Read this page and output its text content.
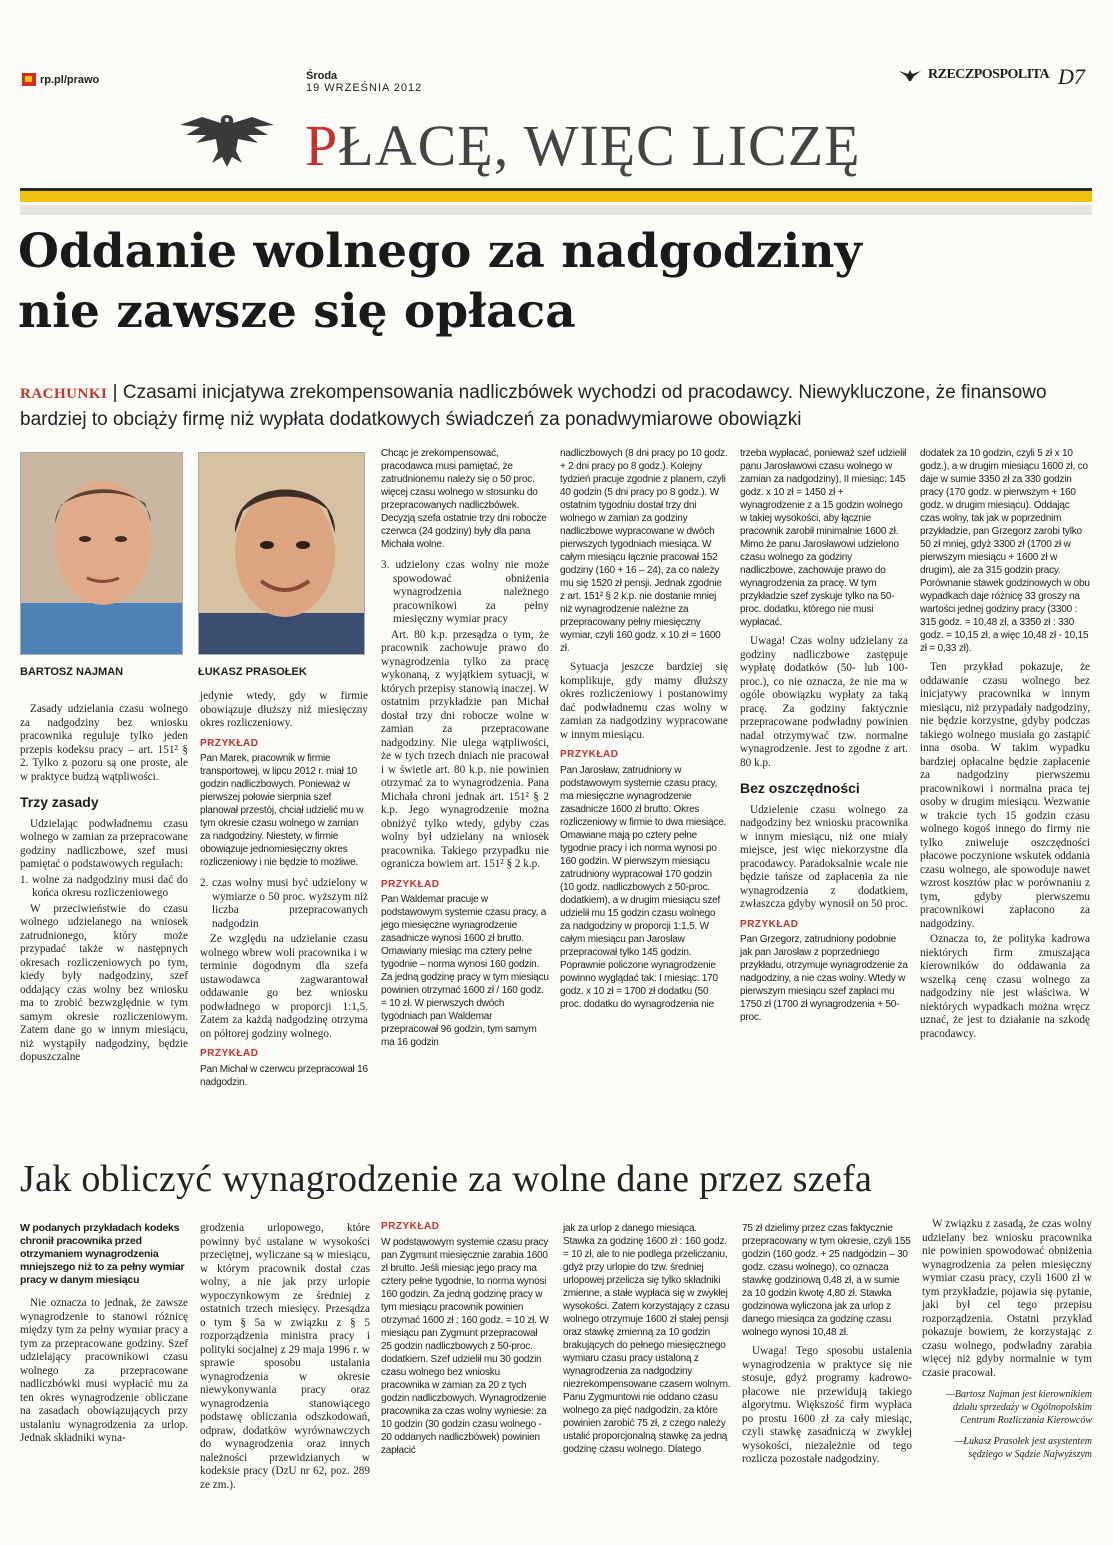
rp.pl/prawo	Środa
19 WRZEŚNIA 2012
RZECZPOSPOLITA D7
PŁACĘ, WIĘC LICZĘ
Oddanie wolnego za nadgodziny
nie zawsze się opłaca
RACHUNKI | Czasami inicjatywa zrekompensowania nadliczbówek wychodzi od pracodawcy. Niewykluczone, że finansowo bardziej to obciąży firmę niż wypłata dodatkowych świadczeń za ponadwymiarowe obowiązki
BARTOSZ NAJMAN	ŁUKASZ PRASOŁEK

Zasady udzielania czasu wolnego za nadgodziny bez wniosku pracownika reguluje tylko jeden przepis kodeksu pracy – art. 151² § 2. Tylko z pozoru są one proste, ale w praktyce budzą wątpliwości.

Trzy zasady

Udzielając podwładnemu czasu wolnego w zamian za przepracowane godziny nadliczbowe, szef musi pamiętać o podstawowych regułach:

1. wolne za nadgodziny musi dać do końca okresu rozliczeniowego

W przeciwieństwie do czasu wolnego udzielanego na wniosek zatrudnionego, który może przypadać także w następnych okresach rozliczeniowych po tym, kiedy były nadgodziny, szef oddający czas wolny bez wniosku ma to zrobić bezwzględnie w tym samym okresie rozliczeniowym. Zatem dane go w innym miesiącu, niż wystąpiły nadgodziny, będzie dopuszczalne

jedynie wtedy, gdy w firmie obowiązuje dłuższy niż miesięczny okres rozliczeniowy.

PRZYKŁAD

Pan Marek, pracownik w firmie transportowej, w lipcu 2012 r. miał 10 godzin nadliczbowych. Ponieważ w pierwszej połowie sierpnia szef planował przestój, chciał udzielić mu w tym okresie czasu wolnego w zamian za nadgodziny. Niestety, w firmie obowiązuje jednomiesięczny okres rozliczeniowy i nie będzie to możliwe.

2. czas wolny musi być udzielony w wymiarze o 50 proc. wyższym niż liczba przepracowanych nadgodzin

Ze względu na udzielanie czasu wolnego wbrew woli pracownika i w terminie dogodnym dla szefa ustawodawca zagwarantował oddawanie go bez wniosku podwładnego w proporcji 1:1,5. Zatem za każdą nadgodzinę otrzyma on półtorej godziny wolnego.

PRZYKŁAD

Pan Michał w czerwcu przepracował 16 nadgodzin.

Chcąc je zrekompensować, pracodawca musi pamiętać, że zatrudnionemu należy się o 50 proc. więcej czasu wolnego w stosunku do przepracowanych nadliczbówek. Decyzją szefa ostatnie trzy dni robocze czerwca (24 godziny) były dla pana Michała wolne.

3. udzielony czas wolny nie może spowodować obniżenia wynagrodzenia należnego pracownikowi za pełny miesięczny wymiar pracy

Art. 80 k.p. przesądza o tym, że pracownik zachowuje prawo do wynagrodzenia tylko za pracę wykonaną, z wyjątkiem sytuacji, w których przepisy stanowią inaczej. W ostatnim przykładzie pan Michał dostał trzy dni robocze wolne w zamian za przepracowane nadgodziny. Nie ulega wątpliwości, że w tych trzech dniach nie pracował i w świetle art. 80 k.p. nie powinien otrzymać za to wynagrodzenia. Pana Michała chroni jednak art. 151² § 2 k.p. Jego wynagrodzenie można obniżyć tylko wtedy, gdyby czas wolny był udzielany na wniosek pracownika. Takiego przypadku nie ogranicza bowiem art. 151² § 2 k.p.

PRZYKŁAD

Pan Waldemar pracuje w podstawowym systemie czasu pracy, a jego miesięczne wynagrodzenie zasadnicze wynosi 1600 zł brutto. Omawiany miesiąc ma cztery pełne tygodnie – norma wynosi 160 godzin. Za jedną godzinę pracy w tym miesiącu powinien otrzymać 1600 zł / 160 godz. = 10 zł. W pierwszych dwóch tygodniach pan Waldemar przepracował 96 godzin, tym samym ma 16 godzin

nadliczbowych (8 dni pracy po 10 godz. + 2 dni pracy po 8 godz.). Kolejny tydzień pracuje zgodnie z planem, czyli 40 godzin (5 dni pracy po 8 godz.). W ostatnim tygodniu dostał trzy dni wolnego w zamian za godziny nadliczbowe wypracowane w dwóch pierwszych tygodniach miesiąca. W całym miesiącu łącznie pracował 152 godziny (160 + 16 – 24), za co należy mu się 1520 zł pensji. Jednak zgodnie z art. 151² § 2 k.p. nie dostanie mniej niż wynagrodzenie należne za przepracowany pełny miesięczny wymiar, czyli 160 godz. x 10 zł = 1600 zł.

Sytuacja jeszcze bardziej się komplikuje, gdy mamy dłuższy okres rozliczeniowy i postanowimy dać podwładnemu czas wolny w zamian za nadgodziny wypracowane w innym miesiącu.

PRZYKŁAD

Pan Jarosław, zatrudniony w podstawowym systemie czasu pracy, ma miesięczne wynagrodzenie zasadnicze 1600 zł brutto. Okres rozliczeniowy w firmie to dwa miesiące. Omawiane mają po cztery pełne tygodnie pracy i ich norma wynosi po 160 godzin. W pierwszym miesiącu zatrudniony wypracował 170 godzin (10 godz. nadliczbowych z 50-proc. dodatkiem), a w drugim miesiącu szef udzielił mu 15 godzin czasu wolnego za nadgodziny w proporcji 1:1,5. W całym miesiącu pan Jarosław przepracował tylko 145 godzin. Poprawnie policzone wynagrodzenie powinno wyglądać tak: I miesiąc: 170 godz. x 10 zł = 1700 zł dodatku (50 proc. dodatku do wynagrodzenia nie

trzeba wypłacać, ponieważ szef udzielił panu Jarosławowi czasu wolnego w zamian za nadgodziny), II miesiąc: 145 godz. x 10 zł = 1450 zł + wynagrodzenie z a 15 godzin wolnego w takiej wysokości, aby łącznie pracownik zarobił minimalnie 1600 zł. Mimo że panu Jarosławowi udzielono czasu wolnego za godziny nadliczbowe, zachowuje prawo do wynagrodzenia za pracę. W tym przykładzie szef zyskuje tylko na 50-proc. dodatku, którego nie musi wypłacać.

Uwaga! Czas wolny udzielany za godziny nadliczbowe zastępuje wypłatę dodatków (50- lub 100-proc.), co nie oznacza, że nie ma w ogóle obowiązku wypłaty za taką pracę. Za godziny faktycznie przepracowane podwładny powinien nadal otrzymywać tzw. normalne wynagrodzenie. Jest to zgodne z art. 80 k.p.

Bez oszczędności

Udzielenie czasu wolnego za nadgodziny bez wniosku pracownika w innym miesiącu, niż one miały miejsce, jest więc niekorzystne dla pracodawcy. Paradoksalnie wcale nie będzie tańsze od zapłacenia za nie wynagrodzenia z dodatkiem, zwłaszcza gdyby wynosił on 50 proc.

PRZYKŁAD

Pan Grzegorz, zatrudniony podobnie jak pan Jarosław z poprzedniego przykładu, otrzymuje wynagrodzenie za nadgodziny, a nie czas wolny. Wtedy w pierwszym miesiącu szef zapłaci mu 1750 zł (1700 zł wynagrodzenia + 50-proc.

dodatek za 10 godzin, czyli 5 zł x 10 godz.), a w drugim miesiącu 1600 zł, co daje w sumie 3350 zł za 330 godzin pracy (170 godz. w pierwszym + 160 godz. w drugim miesiącu). Oddając czas wolny, tak jak w poprzednim przykładzie, pan Grzegorz zarobi tylko 50 zł mniej, gdyż 3300 zł (1700 zł w pierwszym miesiącu + 1600 zł w drugim), ale za 315 godzin pracy. Porównanie stawek godzinowych w obu wypadkach daje różnicę 33 groszy na wartości jednej godziny pracy (3300 : 315 godz. = 10,48 zł, a 3350 zł : 330 godz. = 10,15 zł, a więc 10,48 zł - 10,15 zł = 0,33 zł).

Ten przykład pokazuje, że oddawanie czasu wolnego bez inicjatywy pracownika w innym miesiącu, niż przypadały nadgodziny, nie będzie korzystne, gdyby podczas takiego wolnego musiała go zastąpić inna osoba. W takim wypadku bardziej opłacalne będzie zapłacenie za nadgodziny pierwszemu pracownikowi i normalna praca tej osoby w drugim miesiącu. Wezwanie w trakcie tych 15 godzin czasu wolnego kogoś innego do firmy nie tylko zniweluje oszczędności płacowe poczynione wskutek oddania czasu wolnego, ale spowoduje nawet wzrost kosztów płac w porównaniu z tym, gdyby pierwszemu pracownikowi zapłacono za nadgodziny.

Oznacza to, że polityka kadrowa niektórych firm zmuszająca kierowników do oddawania za wszelką cenę czasu wolnego za nadgodziny nie jest właściwa. W niektórych wypadkach można wręcz uznać, że jest to działanie na szkodę pracodawcy.

Jak obliczyć wynagrodzenie za wolne dane przez szefa

W podanych przykładach kodeks chronił pracownika przed otrzymaniem wynagrodzenia mniejszego niż to za pełny wymiar pracy w danym miesiącu

Nie oznacza to jednak, że zawsze wynagrodzenie to stanowi różnicę między tym za pełny wymiar pracy a tym za przepracowane godziny. Szef udzielający pracownikowi czasu wolnego za przepracowane nadliczbówki musi wypłacić mu za ten okres wynagrodzenie obliczane na zasadach obowiązujących przy ustalaniu wynagrodzenia za urlop. Jednak składniki wyna-

grodzenia urlopowego, które powinny być ustalane w wysokości przeciętnej, wyliczane są w miesiącu, w którym pracownik dostał czas wolny, a nie jak przy urlopie wypoczynkowym ze średniej z ostatnich trzech miesięcy. Przesądza o tym § 5a w związku z § 5 rozporządzenia ministra pracy i polityki socjalnej z 29 maja 1996 r. w sprawie sposobu ustalania wynagrodzenia w okresie niewykonywania pracy oraz wynagrodzenia stanowiącego podstawę obliczania odszkodowań, odpraw, dodatków wyrównawczych do wynagrodzenia oraz innych należności przewidzianych w kodeksie pracy (DzU nr 62, poz. 289 ze zm.).

PRZYKŁAD

W podstawowym systemie czasu pracy pan Zygmunt miesięcznie zarabia 1600 zł brutto. Jeśli miesiąc jego pracy ma cztery pełne tygodnie, to norma wynosi 160 godzin. Za jedną godzinę pracy w tym miesiącu pracownik powinien otrzymać 1600 zł : 160 godz. = 10 zł. W miesiącu pan Zygmunt przepracował 25 godzin nadliczbowych z 50-proc. dodatkiem. Szef udzielił mu 30 godzin czasu wolnego bez wniosku pracownika w zamian za 20 z tych godzin nadliczbowych. Wynagrodzenie pracownika za czas wolny wyniesie: za 10 godzin (30 godzin czasu wolnego - 20 oddanych nadliczbówek) powinien zapłacić

jak za urlop z danego miesiąca. Stawka za godzinę 1600 zł : 160 godz. = 10 zł, ale to nie podlega przeliczaniu, gdyż przy urlopie do tzw. średniej urlopowej przelicza się tylko składniki zmienne, a stałe wypłaca się w zwykłej wysokości. Zatem korzystający z czasu wolnego otrzymuje 1600 zł stałej pensji oraz stawkę zmienną za 10 godzin brakujących do pełnego miesięcznego wymiaru czasu pracy ustaloną z wynagrodzenia za nadgodziny niezrekompensowane czasem wolnym. Panu Zygmuntowi nie oddano czasu wolnego za pięć nadgodzin, za które powinien zarobić 75 zł, z czego należy ustalić proporcjonalną stawkę za jedną godzinę czasu wolnego. Dlatego

75 zł dzielimy przez czas faktycznie przepracowany w tym okresie, czyli 155 godzin (160 godz. + 25 nadgodzin – 30 godz. czasu wolnego), co oznacza stawkę godzinową 0,48 zł, a w sumie za 10 godzin kwotę 4,80 zł. Stawka godzinowa wyliczona jak za urlop z danego miesiąca za godzinę czasu wolnego wynosi 10,48 zł.

Uwaga! Tego sposobu ustalenia wynagrodzenia w praktyce się nie stosuje, gdyż programy kadrowo-płacowe nie przewidują takiego algorytmu. Większość firm wypłaca po prostu 1600 zł za cały miesiąc, czyli stawkę zasadniczą w zwykłej wysokości, niezależnie od tego rozlicza pozostałe nadgodziny.

W związku z zasadą, że czas wolny udzielany bez wniosku pracownika nie powinien spowodować obniżenia wynagrodzenia za pełen miesięczny wymiar czasu pracy, czyli 1600 zł w tym przykładzie, pojawia się pytanie, jaki był cel tego przepisu rozporządzenia. Ostatni przykład pokazuje bowiem, że korzystając z czasu wolnego, podwładny zarabia więcej niż gdyby normalnie w tym czasie pracował.

—Bartosz Najman jest kierownikiem działu sprzedaży w Ogólnopolskim Centrum Rozliczania Kierowców

—Łukasz Prasołek jest asystentem sędziego w Sądzie Najwyższym
